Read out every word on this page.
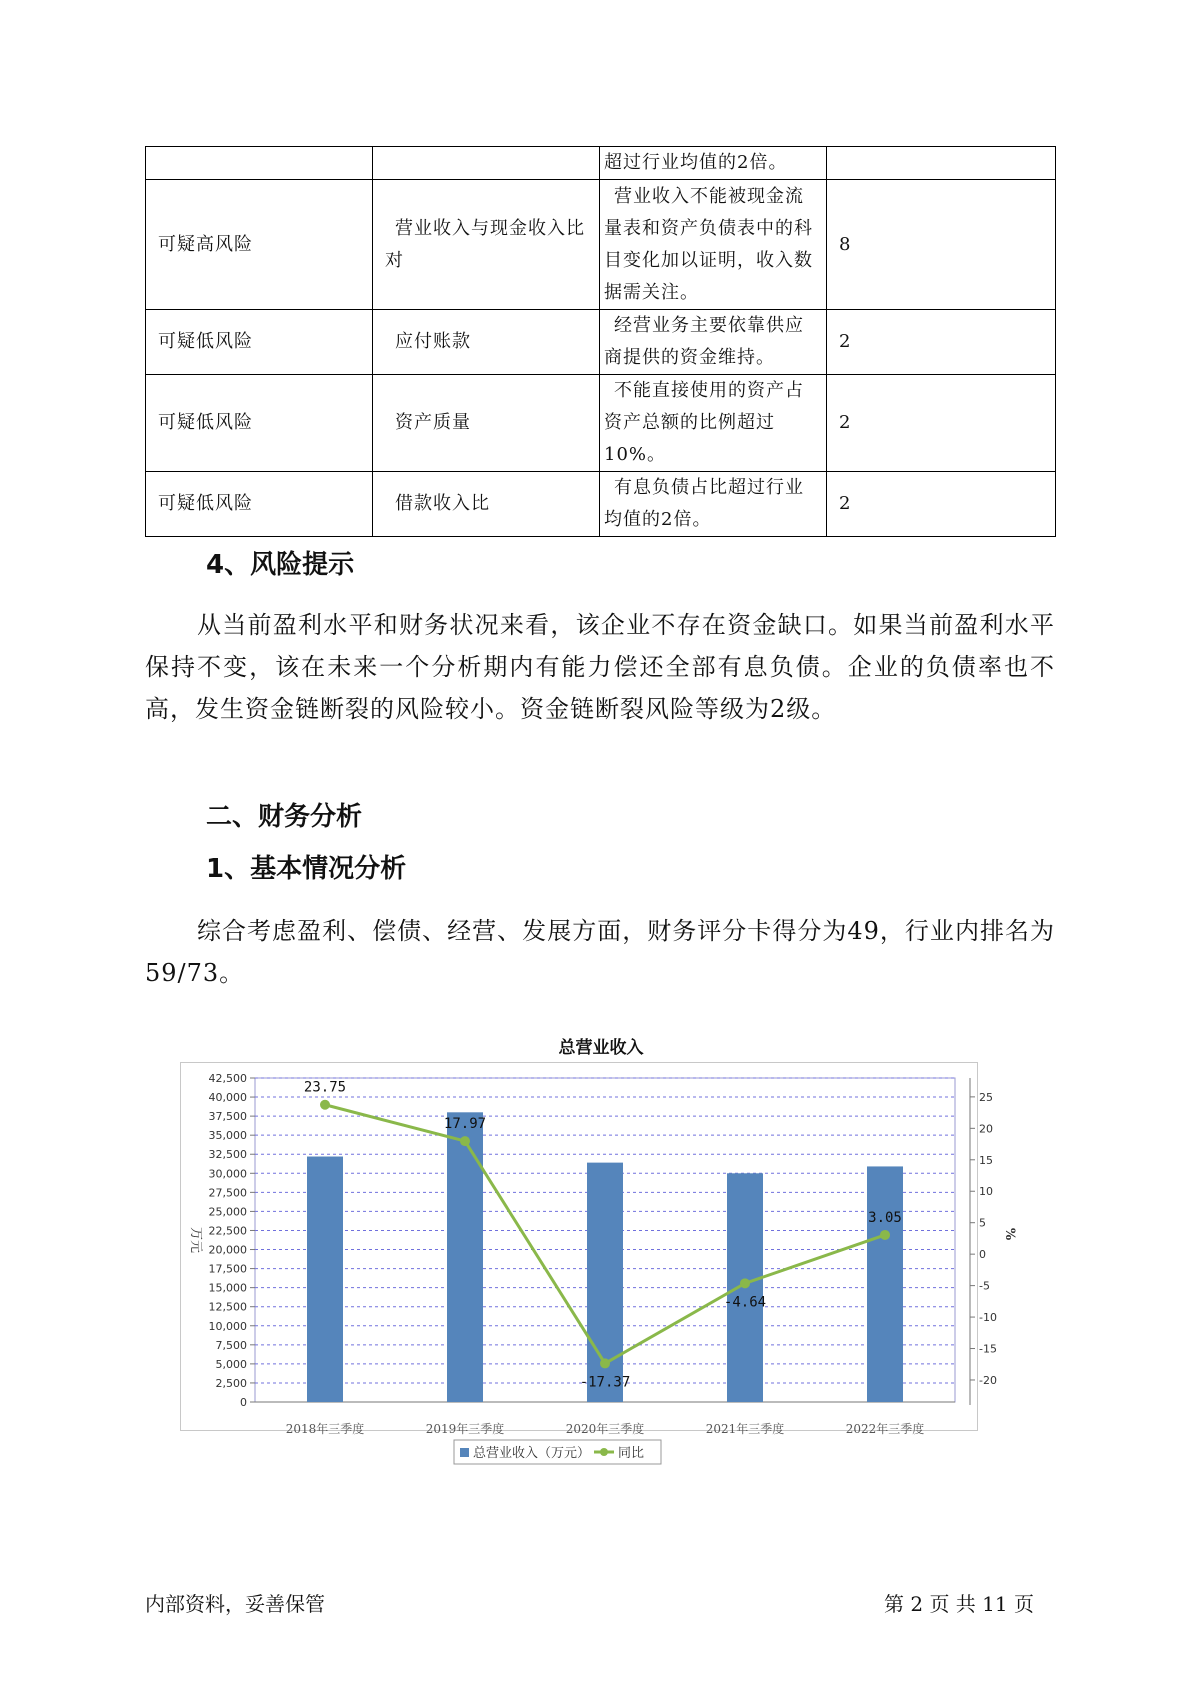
		超过行业均值的2倍。	
可疑高风险	营业收入与现金收入比对	营业收入不能被现金流量表和资产负债表中的科目变化加以证明，收入数据需关注。	8
可疑低风险	应付账款	经营业务主要依靠供应商提供的资金维持。	2
可疑低风险	资产质量	不能直接使用的资产占资产总额的比例超过10%。	2
可疑低风险	借款收入比	有息负债占比超过行业均值的2倍。	2
4、风险提示

从当前盈利水平和财务状况来看，该企业不存在资金缺口。如果当前盈利水平保持不变，该在未来一个分析期内有能力偿还全部有息负债。企业的负债率也不高，发生资金链断裂的风险较小。资金链断裂风险等级为2级。

二、财务分析
1、基本情况分析

综合考虑盈利、偿债、经营、发展方面，财务评分卡得分为49，行业内排名为59/73。

总营业收入
0
2,500
5,000
7,500
10,000
12,500
15,000
17,500
20,000
22,500
25,000
27,500
30,000
32,500
35,000
37,500
40,000
42,500
-20
-15
-10
-5
0
5
10
15
20
25
万元	%
2018年三季度	2019年三季度	2020年三季度	2021年三季度	2022年三季度
23.75
17.97
-17.37
-4.64
3.05
总营业收入（万元） 同比
内部资料，妥善保管	第 2 页 共 11 页
